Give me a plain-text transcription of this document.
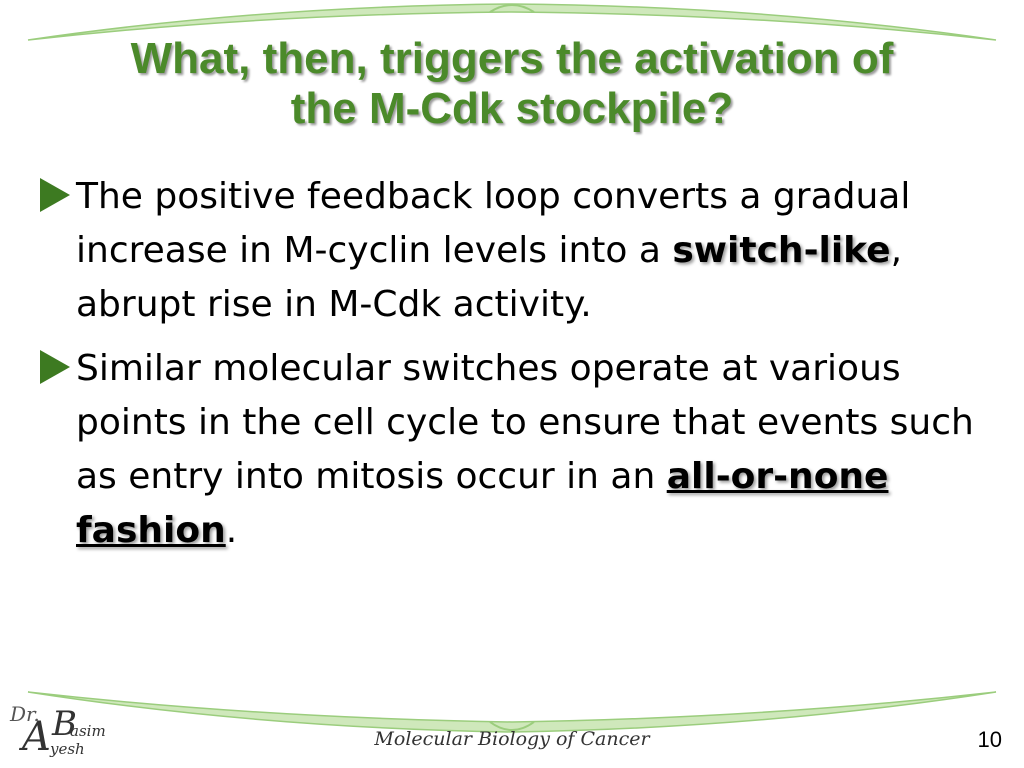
What, then, triggers the activation of
the M-Cdk stockpile?

The positive feedback loop converts a gradual increase in M-cyclin levels into a switch-like, abrupt rise in M-Cdk activity.

Similar molecular switches operate at various points in the cell cycle to ensure that events such as entry into mitosis occur in an all-or-none fashion.

Dr. B
asim
A yesh	Molecular Biology of Cancer	10
